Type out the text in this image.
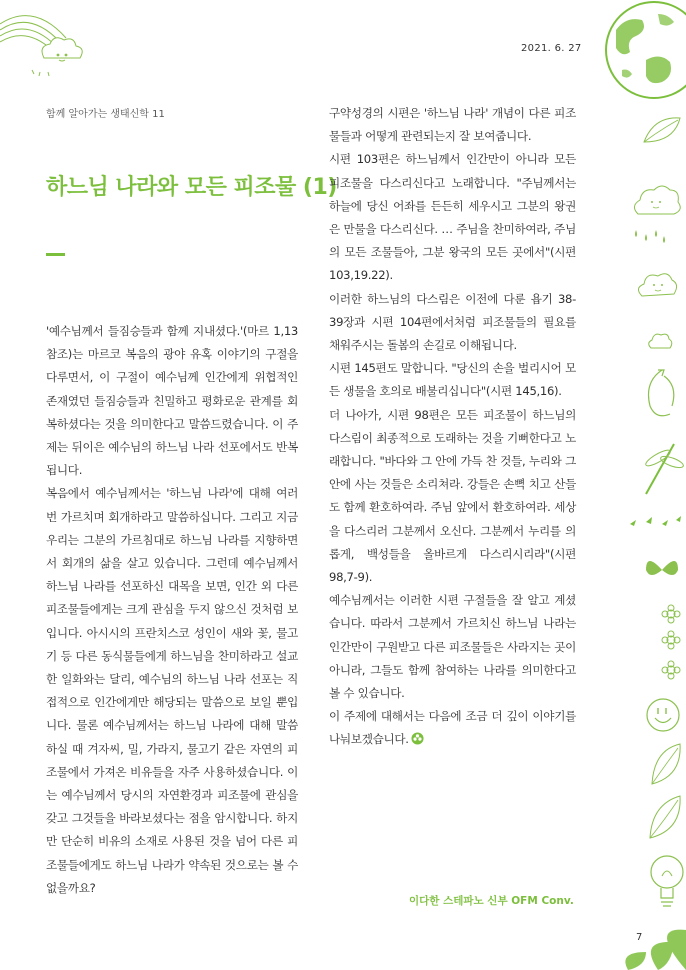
2021. 6. 27
함께 알아가는 생태신학 11
하느님 나라와 모든 피조물 (1)

'예수님께서 들짐승들과 함께 지내셨다.'(마르 1,13 참조)는 마르코 복음의 광야 유혹 이야기의 구절을 다루면서, 이 구절이 예수님께 인간에게 위협적인 존재였던 들짐승들과 친밀하고 평화로운 관계를 회복하셨다는 것을 의미한다고 말씀드렸습니다. 이 주제는 뒤이은 예수님의 하느님 나라 선포에서도 반복됩니다.

복음에서 예수님께서는 '하느님 나라'에 대해 여러 번 가르치며 회개하라고 말씀하십니다. 그리고 지금 우리는 그분의 가르침대로 하느님 나라를 지향하면서 회개의 삶을 살고 있습니다. 그런데 예수님께서 하느님 나라를 선포하신 대목을 보면, 인간 외 다른 피조물들에게는 크게 관심을 두지 않으신 것처럼 보입니다. 아시시의 프란치스코 성인이 새와 꽃, 물고기 등 다른 동식물들에게 하느님을 찬미하라고 설교한 일화와는 달리, 예수님의 하느님 나라 선포는 직접적으로 인간에게만 해당되는 말씀으로 보일 뿐입니다. 물론 예수님께서는 하느님 나라에 대해 말씀하실 때 겨자씨, 밀, 가라지, 물고기 같은 자연의 피조물에서 가져온 비유들을 자주 사용하셨습니다. 이는 예수님께서 당시의 자연환경과 피조물에 관심을 갖고 그것들을 바라보셨다는 점을 암시합니다. 하지만 단순히 비유의 소재로 사용된 것을 넘어 다른 피조물들에게도 하느님 나라가 약속된 것으로는 볼 수 없을까요?

구약성경의 시편은 '하느님 나라' 개념이 다른 피조물들과 어떻게 관련되는지 잘 보여줍니다.

시편 103편은 하느님께서 인간만이 아니라 모든 피조물을 다스리신다고 노래합니다. "주님께서는 하늘에 당신 어좌를 든든히 세우시고 그분의 왕권은 만물을 다스리신다. … 주님을 찬미하여라, 주님의 모든 조물들아, 그분 왕국의 모든 곳에서"(시편 103,19.22).

이러한 하느님의 다스림은 이전에 다룬 욥기 38-39장과 시편 104편에서처럼 피조물들의 필요를 채워주시는 돌봄의 손길로 이해됩니다.

시편 145편도 말합니다. "당신의 손을 벌리시어 모든 생물을 호의로 배불리십니다"(시편 145,16).

더 나아가, 시편 98편은 모든 피조물이 하느님의 다스림이 최종적으로 도래하는 것을 기뻐한다고 노래합니다. "바다와 그 안에 가득 찬 것들, 누리와 그 안에 사는 것들은 소리쳐라. 강들은 손뼉 치고 산들도 함께 환호하여라. 주님 앞에서 환호하여라. 세상을 다스리러 그분께서 오신다. 그분께서 누리를 의롭게, 백성들을 올바르게 다스리시리라"(시편 98,7-9).

예수님께서는 이러한 시편 구절들을 잘 알고 계셨습니다. 따라서 그분께서 가르치신 하느님 나라는 인간만이 구원받고 다른 피조물들은 사라지는 곳이 아니라, 그들도 함께 참여하는 나라를 의미한다고 볼 수 있습니다.

이 주제에 대해서는 다음에 조금 더 깊이 이야기를 나눠보겠습니다.

이다한 스테파노 신부 OFM Conv.
7
